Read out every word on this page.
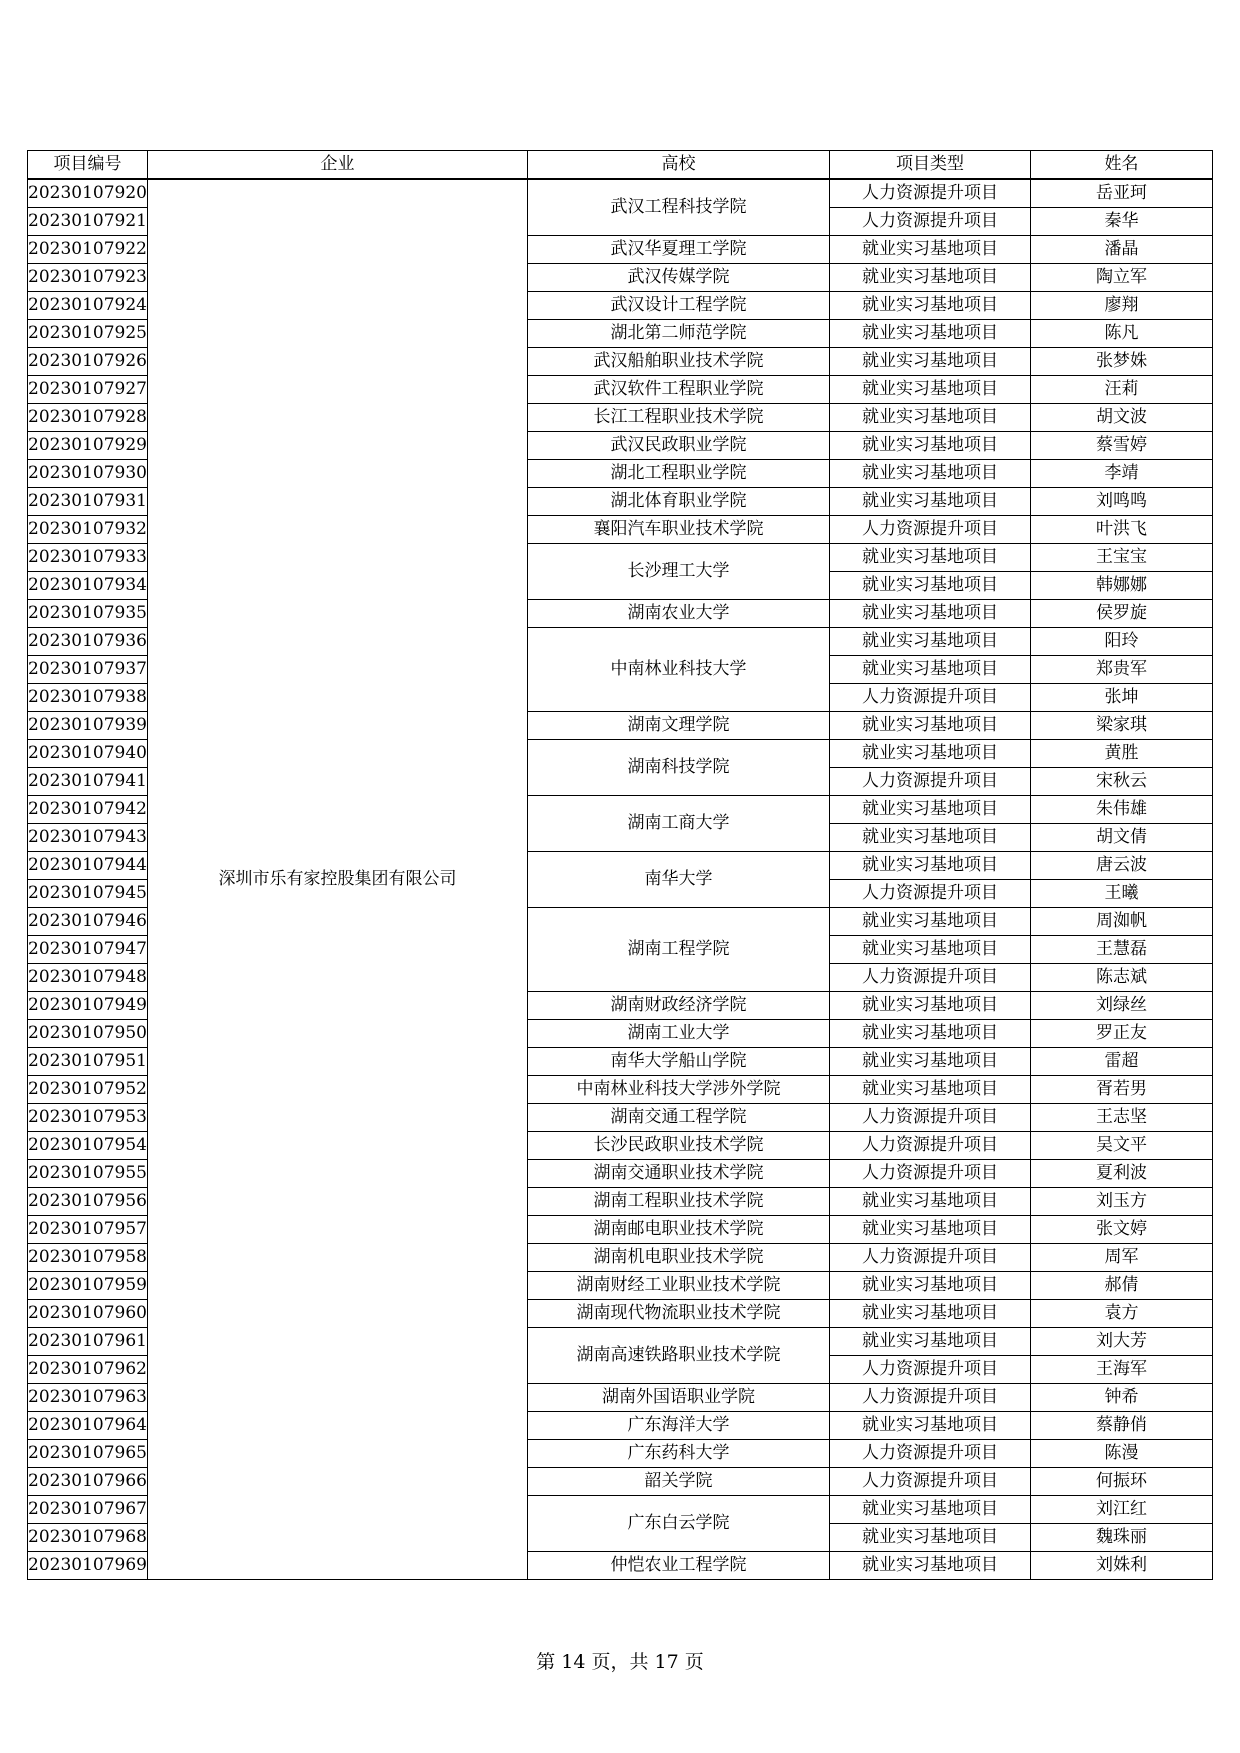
项目编号	企业	高校	项目类型	姓名
20230107920	深圳市乐有家控股集团有限公司	武汉工程科技学院	人力资源提升项目	岳亚珂
20230107921			人力资源提升项目	秦华
20230107922		武汉华夏理工学院	就业实习基地项目	潘晶
20230107923		武汉传媒学院	就业实习基地项目	陶立军
20230107924		武汉设计工程学院	就业实习基地项目	廖翔
20230107925		湖北第二师范学院	就业实习基地项目	陈凡
20230107926		武汉船舶职业技术学院	就业实习基地项目	张梦姝
20230107927		武汉软件工程职业学院	就业实习基地项目	汪莉
20230107928		长江工程职业技术学院	就业实习基地项目	胡文波
20230107929		武汉民政职业学院	就业实习基地项目	蔡雪婷
20230107930		湖北工程职业学院	就业实习基地项目	李靖
20230107931		湖北体育职业学院	就业实习基地项目	刘鸣鸣
20230107932		襄阳汽车职业技术学院	人力资源提升项目	叶洪飞
20230107933		长沙理工大学	就业实习基地项目	王宝宝
20230107934			就业实习基地项目	韩娜娜
20230107935		湖南农业大学	就业实习基地项目	侯罗旋
20230107936		中南林业科技大学	就业实习基地项目	阳玲
20230107937			就业实习基地项目	郑贵军
20230107938			人力资源提升项目	张坤
20230107939		湖南文理学院	就业实习基地项目	梁家琪
20230107940		湖南科技学院	就业实习基地项目	黄胜
20230107941			人力资源提升项目	宋秋云
20230107942		湖南工商大学	就业实习基地项目	朱伟雄
20230107943			就业实习基地项目	胡文倩
20230107944		南华大学	就业实习基地项目	唐云波
20230107945			人力资源提升项目	王曦
20230107946		湖南工程学院	就业实习基地项目	周洳帆
20230107947			就业实习基地项目	王慧磊
20230107948			人力资源提升项目	陈志斌
20230107949		湖南财政经济学院	就业实习基地项目	刘绿丝
20230107950		湖南工业大学	就业实习基地项目	罗正友
20230107951		南华大学船山学院	就业实习基地项目	雷超
20230107952		中南林业科技大学涉外学院	就业实习基地项目	胥若男
20230107953		湖南交通工程学院	人力资源提升项目	王志坚
20230107954		长沙民政职业技术学院	人力资源提升项目	吴文平
20230107955		湖南交通职业技术学院	人力资源提升项目	夏利波
20230107956		湖南工程职业技术学院	就业实习基地项目	刘玉方
20230107957		湖南邮电职业技术学院	就业实习基地项目	张文婷
20230107958		湖南机电职业技术学院	人力资源提升项目	周军
20230107959		湖南财经工业职业技术学院	就业实习基地项目	郝倩
20230107960		湖南现代物流职业技术学院	就业实习基地项目	袁方
20230107961		湖南高速铁路职业技术学院	就业实习基地项目	刘大芳
20230107962			人力资源提升项目	王海军
20230107963		湖南外国语职业学院	人力资源提升项目	钟希
20230107964		广东海洋大学	就业实习基地项目	蔡静俏
20230107965		广东药科大学	人力资源提升项目	陈漫
20230107966		韶关学院	人力资源提升项目	何振环
20230107967		广东白云学院	就业实习基地项目	刘江红
20230107968			就业实习基地项目	魏珠丽
20230107969		仲恺农业工程学院	就业实习基地项目	刘姝利
第 14 页，共 17 页
